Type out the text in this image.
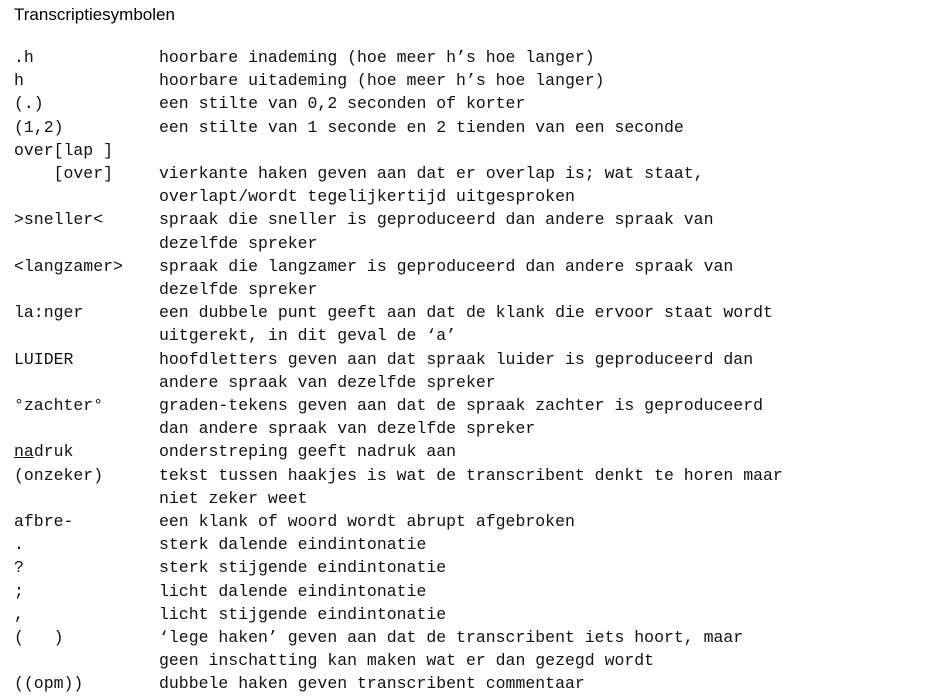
Transcriptiesymbolen
.h	hoorbare inademing (hoe meer h’s hoe langer)
h	hoorbare uitademing (hoe meer h’s hoe langer)
(.)	een stilte van 0,2 seconden of korter
(1,2)	een stilte van 1 seconde en 2 tienden van een seconde
over[lap ]
[over]	vierkante haken geven aan dat er overlap is; wat staat,
overlapt/wordt tegelijkertijd uitgesproken
>sneller<	spraak die sneller is geproduceerd dan andere spraak van
dezelfde spreker
<langzamer>	spraak die langzamer is geproduceerd dan andere spraak van
dezelfde spreker
la:nger	een dubbele punt geeft aan dat de klank die ervoor staat wordt
uitgerekt, in dit geval de ‘a’
LUIDER	hoofdletters geven aan dat spraak luider is geproduceerd dan
andere spraak van dezelfde spreker
°zachter°	graden-tekens geven aan dat de spraak zachter is geproduceerd
dan andere spraak van dezelfde spreker
nadruk	onderstreping geeft nadruk aan
(onzeker)	tekst tussen haakjes is wat de transcribent denkt te horen maar
niet zeker weet
afbre-	een klank of woord wordt abrupt afgebroken
.	sterk dalende eindintonatie
?	sterk stijgende eindintonatie
;	licht dalende eindintonatie
,	licht stijgende eindintonatie
(   )	‘lege haken’ geven aan dat de transcribent iets hoort, maar
geen inschatting kan maken wat er dan gezegd wordt
((opm))	dubbele haken geven transcribent commentaar
